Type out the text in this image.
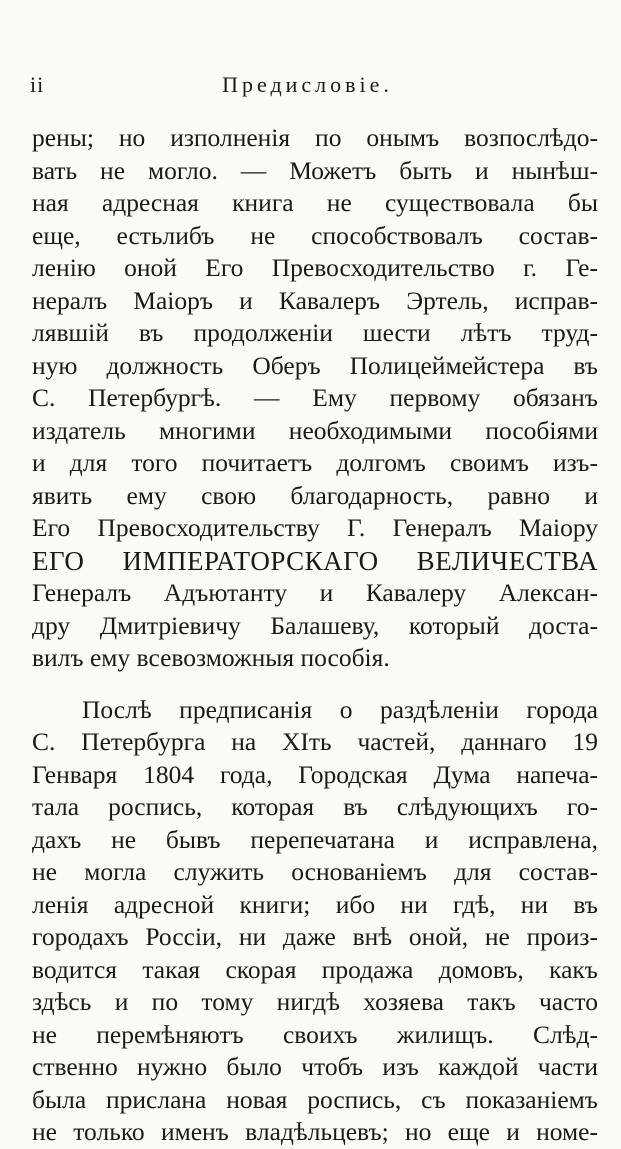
ii	Предисловіе.
рены; но изполненія по онымъ возпослѣдо-
вать не могло. — Можетъ быть и нынѣш-
ная адресная книга не существовала бы
еще, естьлибъ не способствовалъ состав-
ленію оной Его Превосходительство г. Ге-
нералъ Маіоръ и Кавалеръ Эртель, исправ-
лявшій въ продолженіи шести лѣтъ труд-
ную должность Оберъ Полицеймейстера въ
С. Петербургѣ. — Ему первому обязанъ
издатель многими необходимыми пособіями
и для того почитаетъ долгомъ своимъ изъ-
явить ему свою благодарность, равно и
Его Превосходительству Г. Генералъ Маіору
ЕГО ИМПЕРАТОРСКАГО ВЕЛИЧЕСТВА
Генералъ Адъютанту и Кавалеру Алексан-
дру Дмитріевичу Балашеву, который доста-
вилъ ему всевозможныя пособія.
Послѣ предписанія о раздѣленіи города
С. Петербурга на XIть частей, даннаго 19
Генваря 1804 года, Городская Дума напеча-
тала роспись, которая въ слѣдующихъ го-
дахъ не бывъ перепечатана и исправлена,
не могла служить основаніемъ для состав-
ленія адресной книги; ибо ни гдѣ, ни въ
городахъ Россіи, ни даже внѣ оной, не произ-
водится такая скорая продажа домовъ, какъ
здѣсь и по тому нигдѣ хозяева такъ часто
не перемѣняютъ своихъ жилищъ. Слѣд-
ственно нужно было чтобъ изъ каждой части
была прислана новая роспись, съ показаніемъ
не только именъ владѣльцевъ; но еще и номе-
